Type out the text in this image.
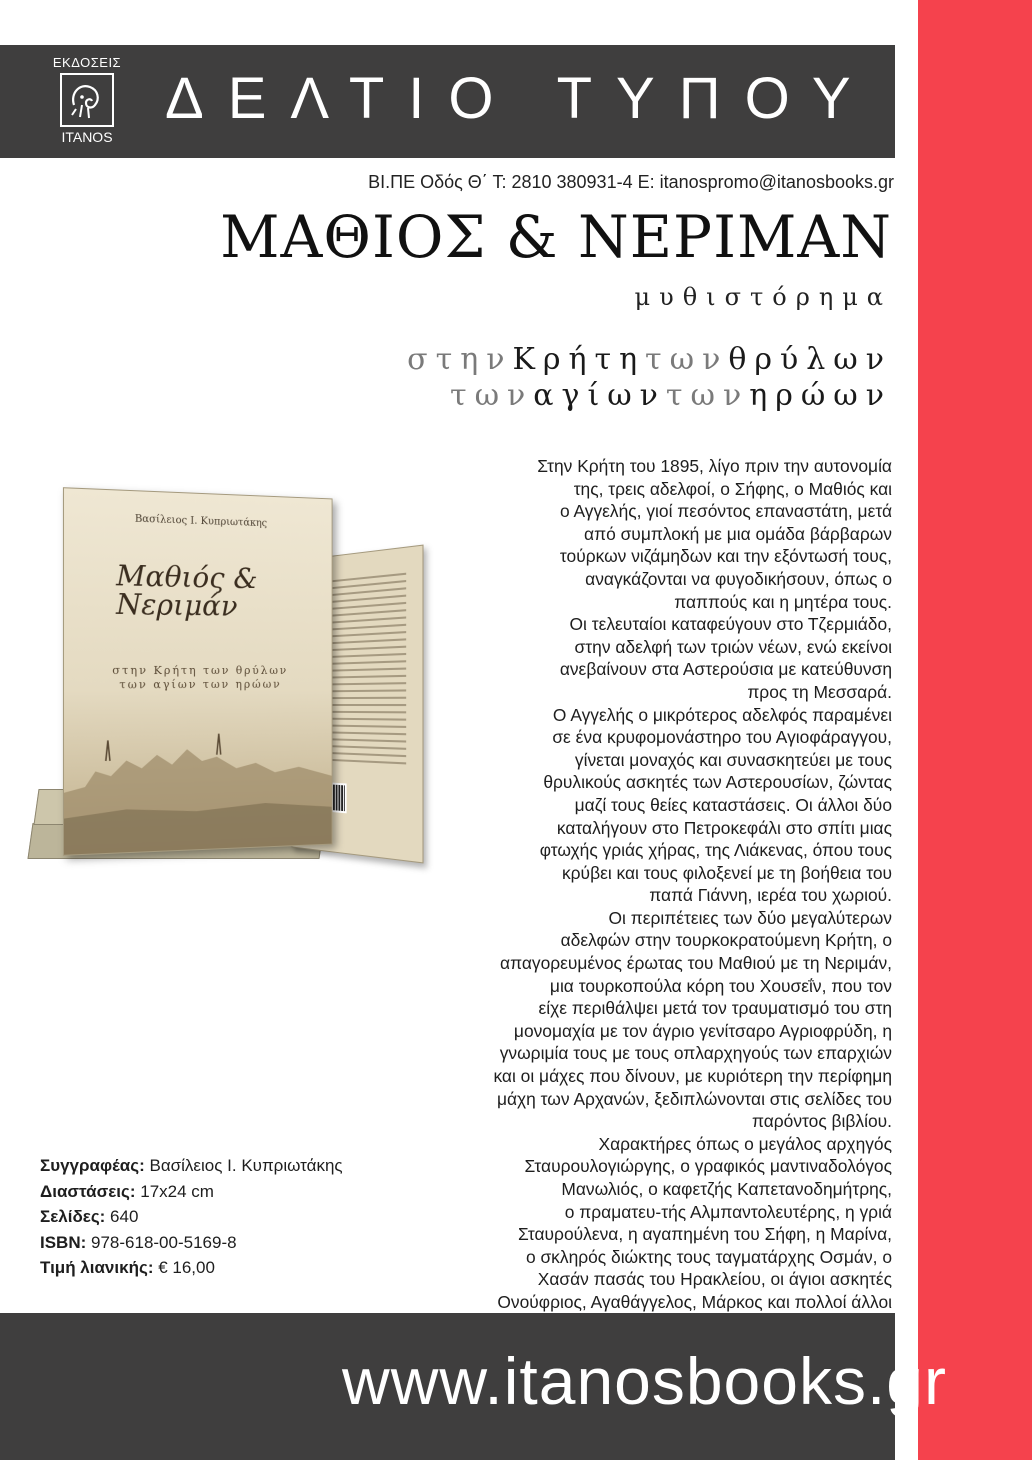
ΕΚΔΟΣΕΙΣ
ITANOS
ΔΕΛΤΙΟ ΤΥΠΟΥ
ΒΙ.ΠΕ Οδός Θ΄ Τ: 2810 380931-4 Ε: itanospromo@itanosbooks.gr
ΜΑΘΙΟΣ & ΝΕΡΙΜΑΝ
μυθιστόρημα
στηνΚρήτητωνθρύλων
τωναγίωντωνηρώων
Βασίλειος Ι. Κυπριωτάκης
Μαθιός & Νεριμάν
στην Κρήτη των θρύλων
των αγίων των ηρώων

Στην Κρήτη του 1895, λίγο πριν την αυτονομία
της, τρεις αδελφοί, ο Σήφης, ο Μαθιός και
ο Αγγελής, γιοί πεσόντος επαναστάτη, μετά
από συμπλοκή με μια ομάδα βάρβαρων
τούρκων νιζάμηδων και την εξόντωσή τους,
αναγκάζονται να φυγοδικήσουν, όπως ο
παππούς και η μητέρα τους.

Οι τελευταίοι καταφεύγουν στο Τζερμιάδο,
στην αδελφή των τριών νέων, ενώ εκείνοι
ανεβαίνουν στα Αστερούσια με κατεύθυνση
προς τη Μεσσαρά.

Ο Αγγελής ο μικρότερος αδελφός παραμένει
σε ένα κρυφομονάστηρο του Αγιοφάραγγου,
γίνεται μοναχός και συνασκητεύει με τους
θρυλικούς ασκητές των Αστερουσίων, ζώντας
μαζί τους θείες καταστάσεις. Οι άλλοι δύο
καταλήγουν στο Πετροκεφάλι στο σπίτι μιας
φτωχής γριάς χήρας, της Λιάκενας, όπου τους
κρύβει και τους φιλοξενεί με τη βοήθεια του
παπά Γιάννη, ιερέα του χωριού.

Οι περιπέτειες των δύο μεγαλύτερων
αδελφών στην τουρκοκρατούμενη Κρήτη, ο
απαγορευμένος έρωτας του Μαθιού με τη Νεριμάν,
μια τουρκοπούλα κόρη του Χουσεΐν, που τον
είχε περιθάλψει μετά τον τραυματισμό του στη
μονομαχία με τον άγριο γενίτσαρο Αγριοφρύδη, η
γνωριμία τους με τους οπλαρχηγούς των επαρχιών
και οι μάχες που δίνουν, με κυριότερη την περίφημη
μάχη των Αρχανών, ξεδιπλώνονται στις σελίδες του
παρόντος βιβλίου.

Χαρακτήρες όπως ο μεγάλος αρχηγός
Σταυρουλογιώργης, ο γραφικός μαντιναδολόγος
Μανωλιός, ο καφετζής Καπετανοδημήτρης,
ο πραματευ-τής Αλμπαντολευτέρης, η γριά
Σταυρούλενα, η αγαπημένη του Σήφη, η Μαρίνα,
ο σκληρός διώκτης τους ταγματάρχης Οσμάν, ο
Χασάν πασάς του Ηρακλείου, οι άγιοι ασκητές
Ονούφριος, Αγαθάγγελος, Μάρκος και πολλοί άλλοι

Συγγραφέας: Βασίλειος Ι. Κυπριωτάκης
Διαστάσεις: 17x24 cm
Σελίδες: 640
ISBN: 978-618-00-5169-8
Τιμή λιανικής: € 16,00
www.itanosbooks.gr
